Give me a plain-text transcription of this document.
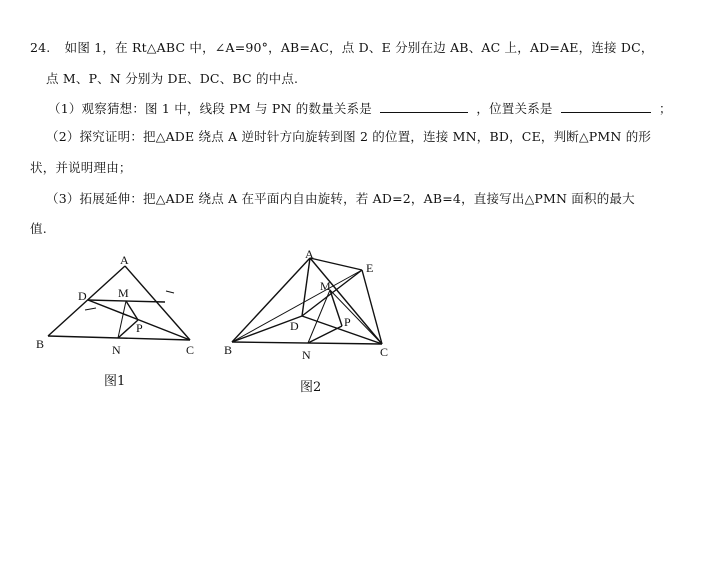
24. 如图 1，在 Rt△ABC 中，∠A=90°，AB=AC，点 D、E 分别在边 AB、AC 上，AD=AE，连接 DC，
点 M、P、N 分别为 DE、DC、BC 的中点.
（1）观察猜想：图 1 中，线段 PM 与 PN 的数量关系是	，位置关系是	；
（2）探究证明：把△ADE 绕点 A 逆时针方向旋转到图 2 的位置，连接 MN，BD，CE，判断△PMN 的形
状，并说明理由；
（3）拓展延伸：把△ADE 绕点 A 在平面内自由旋转，若 AD=2，AB=4，直接写出△PMN 面积的最大
值.
A
D	M
P
B	N	C
图1
A
E
M
D	P
B	N	C
图2
